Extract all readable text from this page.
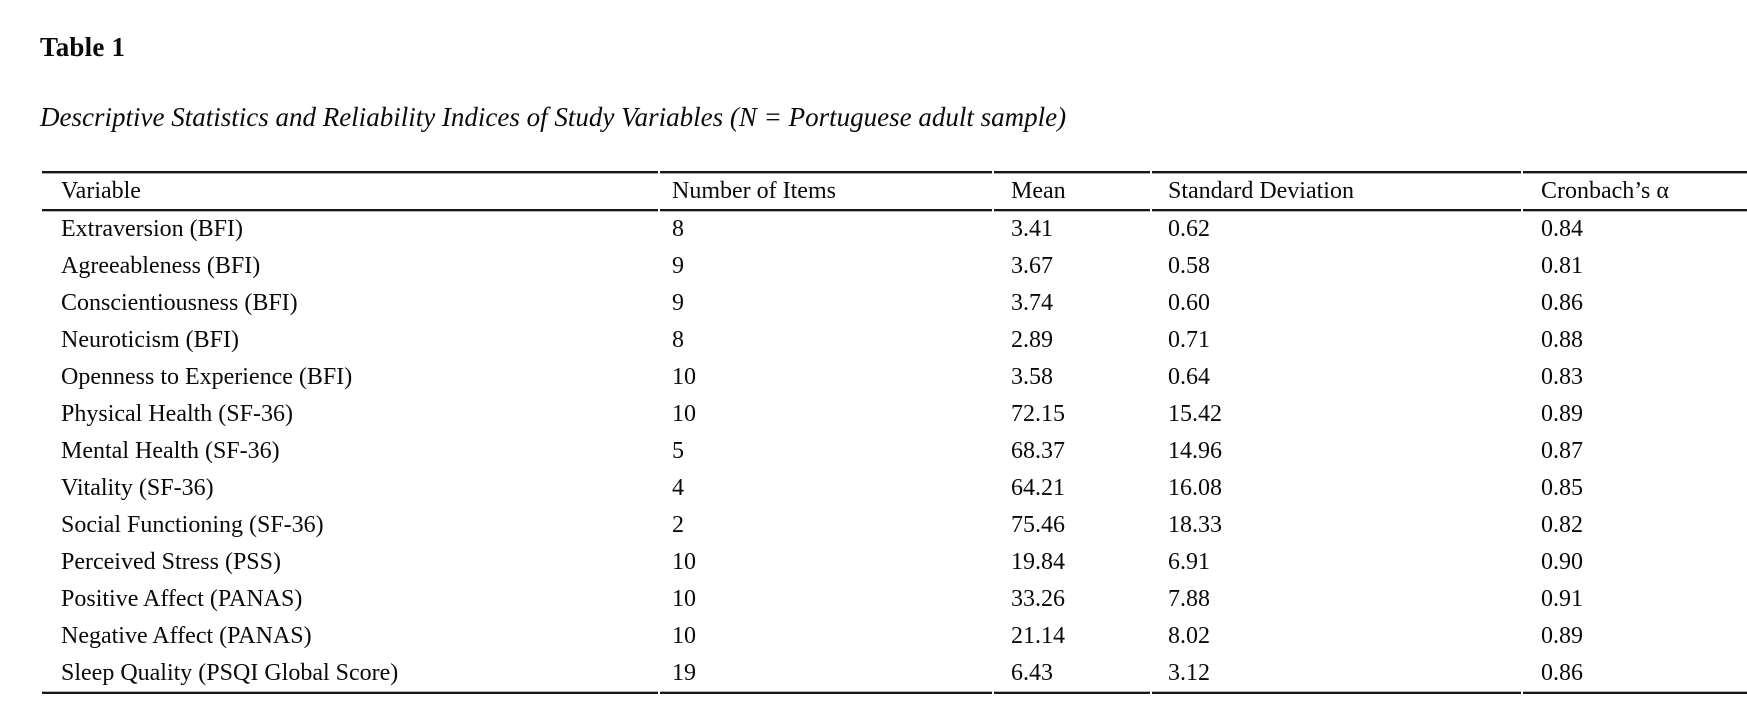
Table 1
Descriptive Statistics and Reliability Indices of Study Variables (N = Portuguese adult sample)
Variable	Number of Items	Mean	Standard Deviation	Cronbach’s α
Extraversion (BFI)	8	3.41	0.62	0.84
Agreeableness (BFI)	9	3.67	0.58	0.81
Conscientiousness (BFI)	9	3.74	0.60	0.86
Neuroticism (BFI)	8	2.89	0.71	0.88
Openness to Experience (BFI)	10	3.58	0.64	0.83
Physical Health (SF-36)	10	72.15	15.42	0.89
Mental Health (SF-36)	5	68.37	14.96	0.87
Vitality (SF-36)	4	64.21	16.08	0.85
Social Functioning (SF-36)	2	75.46	18.33	0.82
Perceived Stress (PSS)	10	19.84	6.91	0.90
Positive Affect (PANAS)	10	33.26	7.88	0.91
Negative Affect (PANAS)	10	21.14	8.02	0.89
Sleep Quality (PSQI Global Score)	19	6.43	3.12	0.86
